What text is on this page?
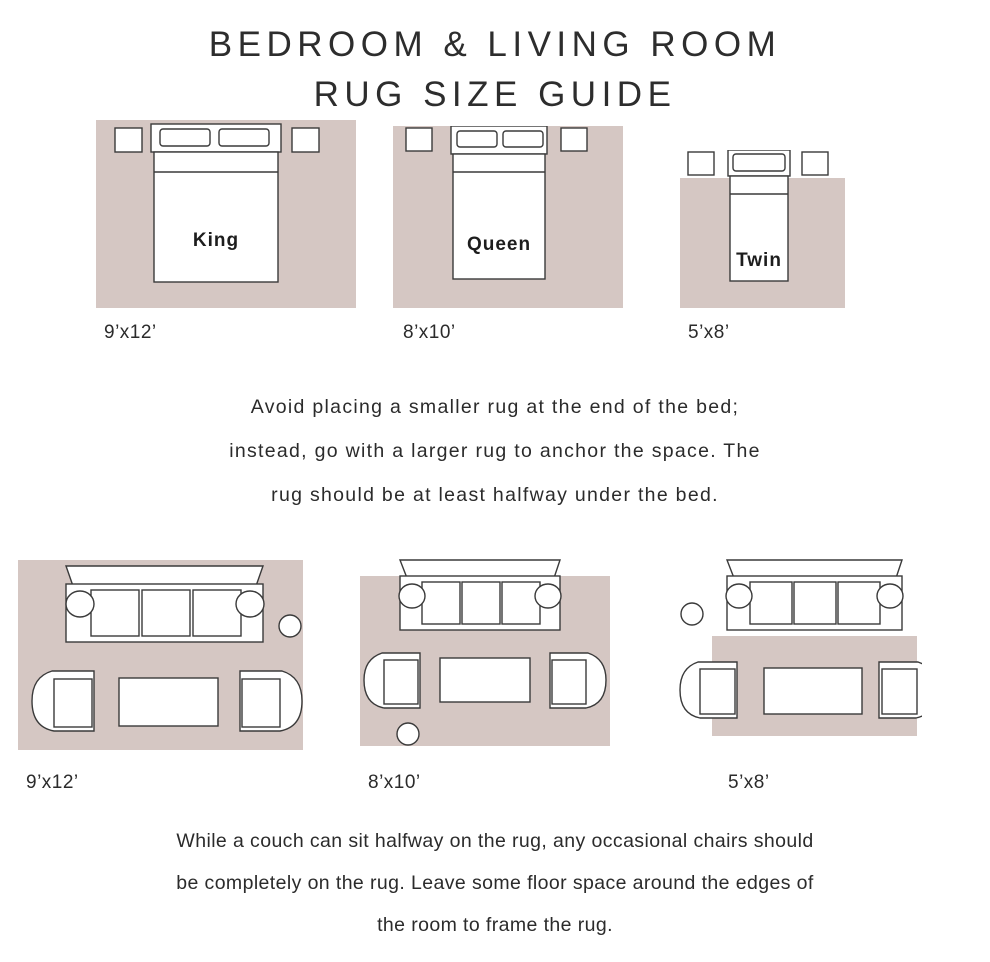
BEDROOM & LIVING ROOM
RUG SIZE GUIDE
King
9’x12’
Queen
8’x10’
Twin
5’x8’
Avoid placing a smaller rug at the end of the bed;
instead, go with a larger rug to anchor the space. The
rug should be at least halfway under the bed.
9’x12’	8’x10’	5’x8’
While a couch can sit halfway on the rug, any occasional chairs should
be completely on the rug. Leave some floor space around the edges of
the room to frame the rug.
